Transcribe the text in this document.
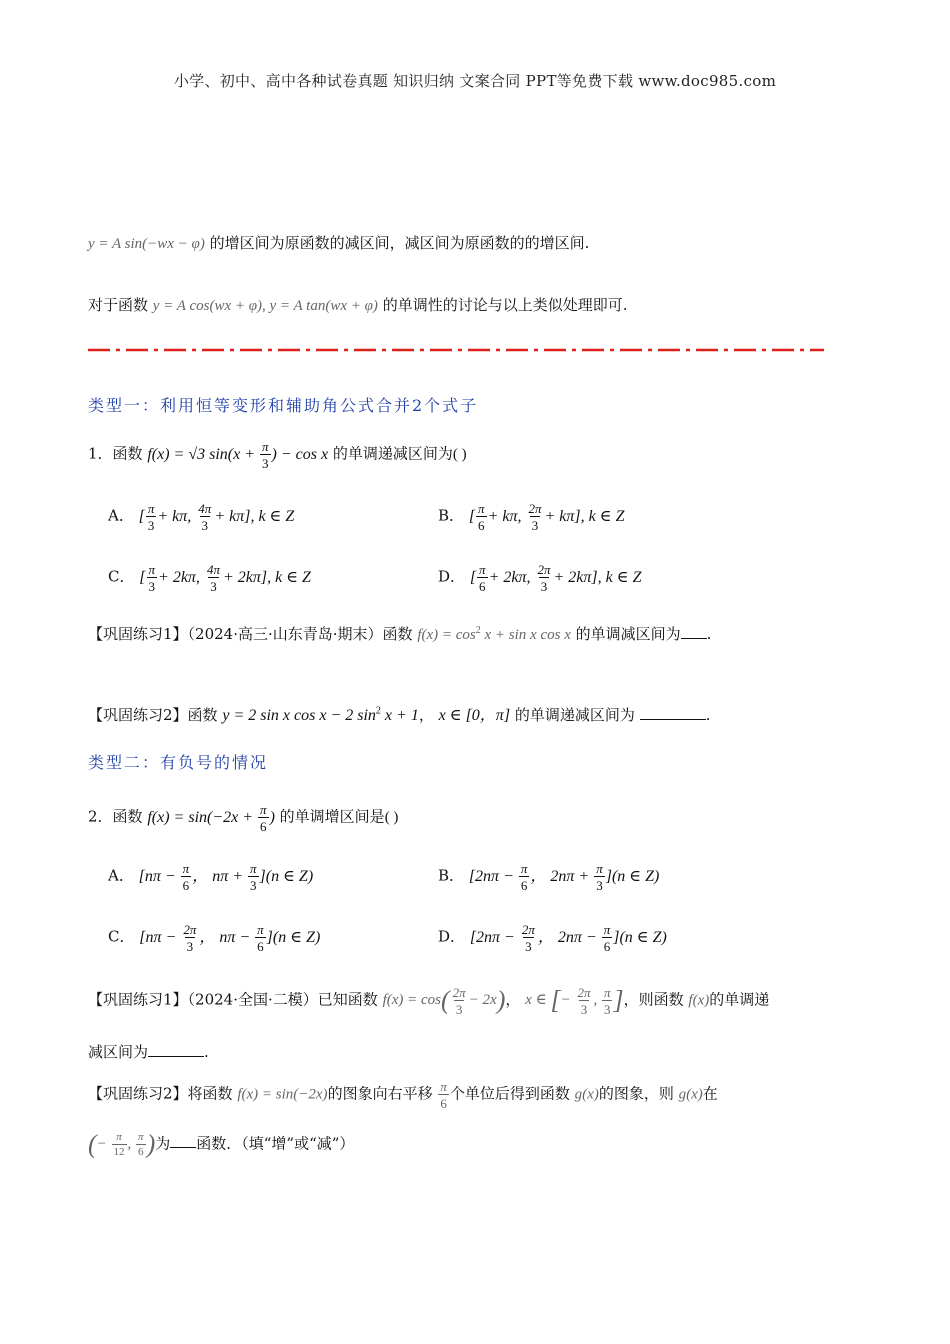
小学、初中、高中各种试卷真题 知识归纳 文案合同 PPT等免费下载 www.doc985.com
y = A sin(−wx − φ) 的增区间为原函数的减区间，减区间为原函数的的增区间.
对于函数 y = A cos(wx + φ), y = A tan(wx + φ) 的单调性的讨论与以上类似处理即可.
类型一：利用恒等变形和辅助角公式合并2个式子
1．函数 f(x) = √3 $\sin(x + \frac{\pi}{3}$ ) − cos x 的单调递减区间为( )
A． [ $\frac{\pi}{3} + k\pi$, $\frac{4\pi}{3} + k\pi$], k ∈ Z	B． [ $\frac{\pi}{6} + k\pi$, $\frac{2\pi}{3} + k\pi$], k ∈ Z
C． [ $\frac{\pi}{3} + 2k\pi$, $\frac{4\pi}{3} + 2k\pi$], k ∈ Z	D． [ $\frac{\pi}{6} + 2k\pi$, $\frac{2\pi}{3} + 2k\pi$], k ∈ Z
【巩固练习1】（2024·高三·山东青岛·期末）函数 $f(x) = \cos^2 x + \sin x$ cos x 的单调减区间为 .
【巩固练习2】函数 y = 2 sin x cos x − 2 $\sin^2 x + 1$， x ∈ [0，π] 的单调递减区间为	.
类型二：有负号的情况
2．函数 $f(x) = \sin(-2x + \frac{\pi}{6}$ ) 的单调增区间是( )
A． [$n\pi - \frac{\pi}{6}$ ， $n\pi + \frac{\pi}{3} ](n$ ∈ Z)	B． [$2n\pi - \frac{\pi}{6}$ ， $2n\pi + \frac{\pi}{3} ](n$ ∈ Z)
C． [$n\pi - \frac{2\pi}{3}$ ， $n\pi - \frac{\pi}{6} ](n$ ∈ Z)	D． [$2n\pi - \frac{2\pi}{3}$ ， $2n\pi - \frac{\pi}{6} ](n$ ∈ Z)
【巩固练习1】（2024·全国·二模）已知函数 $f(x) = \cos( \frac{2\pi}{3} - 2x)$， x ∈ [− $\frac{2\pi}{3}$ , $\frac{\pi}{3}$ ]，则函数 f(x)的单调递
减区间为	.
【巩固练习2】将函数 f(x) = sin(−2x)的图象向右平移 $\frac{\pi}{6}$ 个单位后得到函数 g(x)的图象，则 g(x)在
(− $\frac{\pi}{12}$ , $\frac{\pi}{6}$ )为 函数．（填“增”或“减”）
